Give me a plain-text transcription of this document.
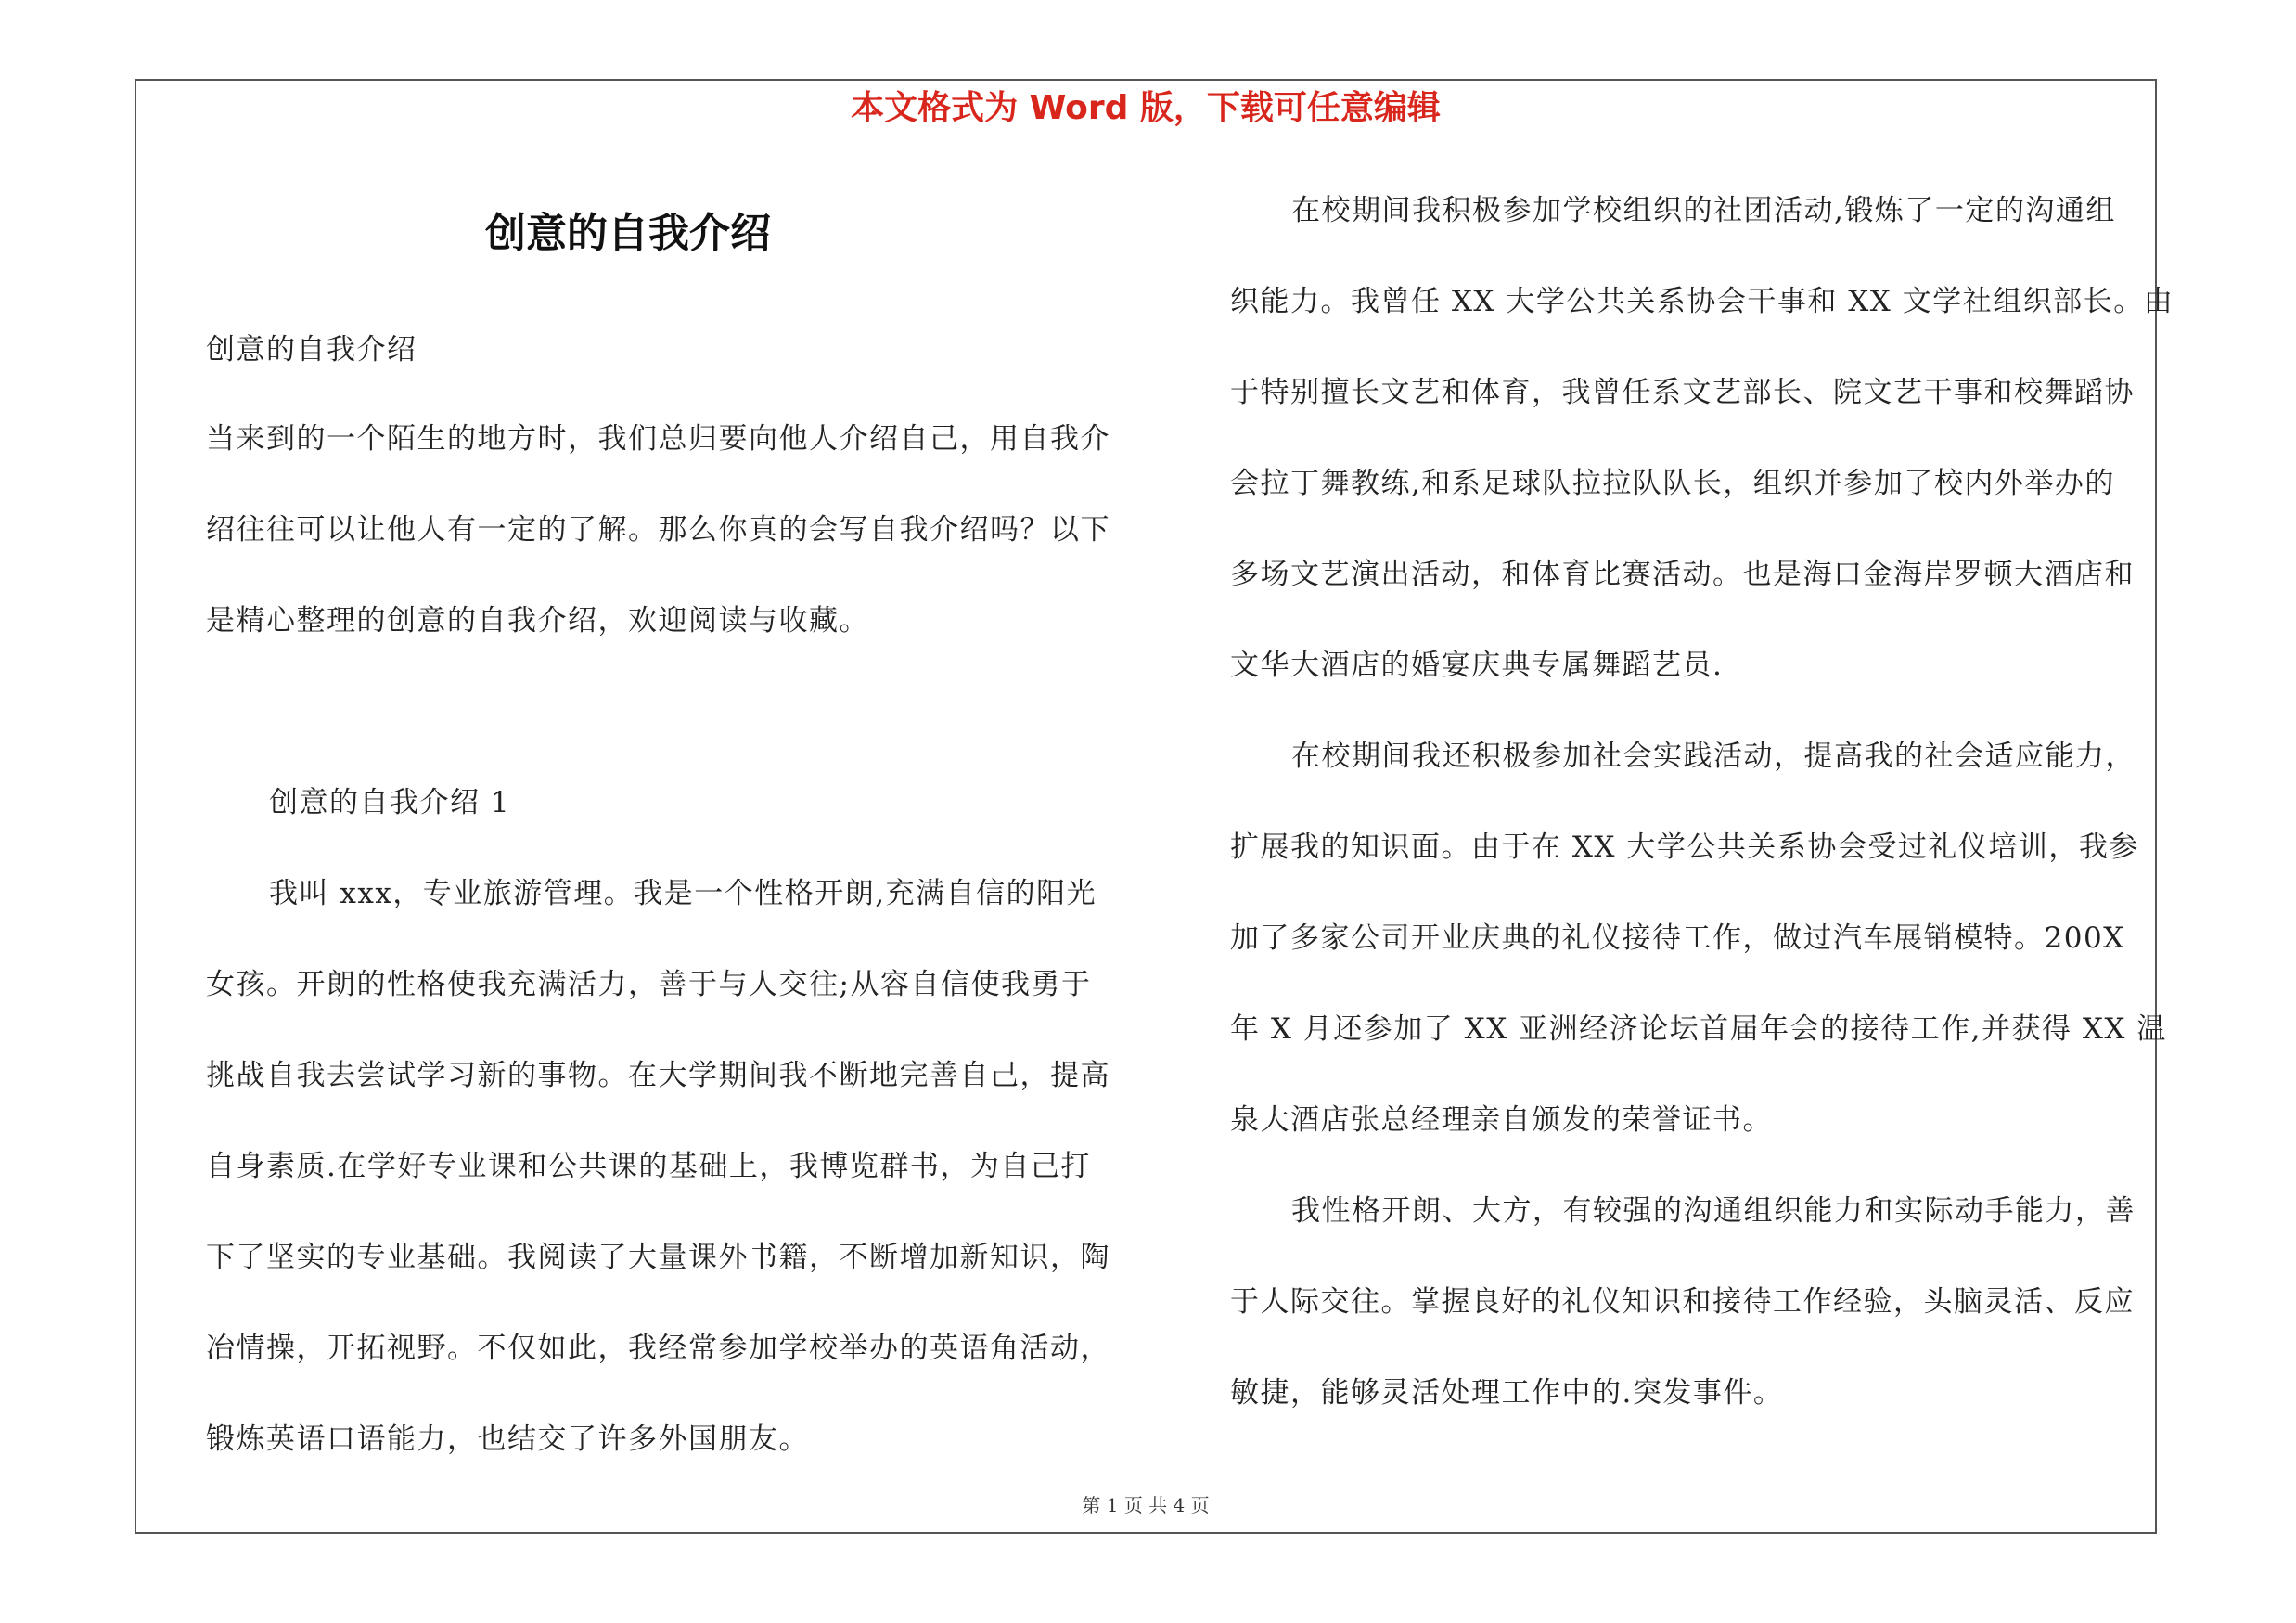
本文格式为 Word 版，下载可任意编辑
创意的自我介绍
创意的自我介绍
当来到的一个陌生的地方时，我们总归要向他人介绍自己，用自我介
绍往往可以让他人有一定的了解。那么你真的会写自我介绍吗？以下
是精心整理的创意的自我介绍，欢迎阅读与收藏。
创意的自我介绍 1
我叫 xxx，专业旅游管理。我是一个性格开朗,充满自信的阳光
女孩。开朗的性格使我充满活力，善于与人交往;从容自信使我勇于
挑战自我去尝试学习新的事物。在大学期间我不断地完善自己，提高
自身素质.在学好专业课和公共课的基础上，我博览群书，为自己打
下了坚实的专业基础。我阅读了大量课外书籍，不断增加新知识，陶
冶情操，开拓视野。不仅如此，我经常参加学校举办的英语角活动，
锻炼英语口语能力，也结交了许多外国朋友。
在校期间我积极参加学校组织的社团活动,锻炼了一定的沟通组
织能力。我曾任 XX 大学公共关系协会干事和 XX 文学社组织部长。由
于特别擅长文艺和体育，我曾任系文艺部长、院文艺干事和校舞蹈协
会拉丁舞教练,和系足球队拉拉队队长，组织并参加了校内外举办的
多场文艺演出活动，和体育比赛活动。也是海口金海岸罗顿大酒店和
文华大酒店的婚宴庆典专属舞蹈艺员.
在校期间我还积极参加社会实践活动，提高我的社会适应能力，
扩展我的知识面。由于在 XX 大学公共关系协会受过礼仪培训，我参
加了多家公司开业庆典的礼仪接待工作，做过汽车展销模特。200X
年 X 月还参加了 XX 亚洲经济论坛首届年会的接待工作,并获得 XX 温
泉大酒店张总经理亲自颁发的荣誉证书。
我性格开朗、大方，有较强的沟通组织能力和实际动手能力，善
于人际交往。掌握良好的礼仪知识和接待工作经验，头脑灵活、反应
敏捷，能够灵活处理工作中的.突发事件。
第 1 页 共 4 页
